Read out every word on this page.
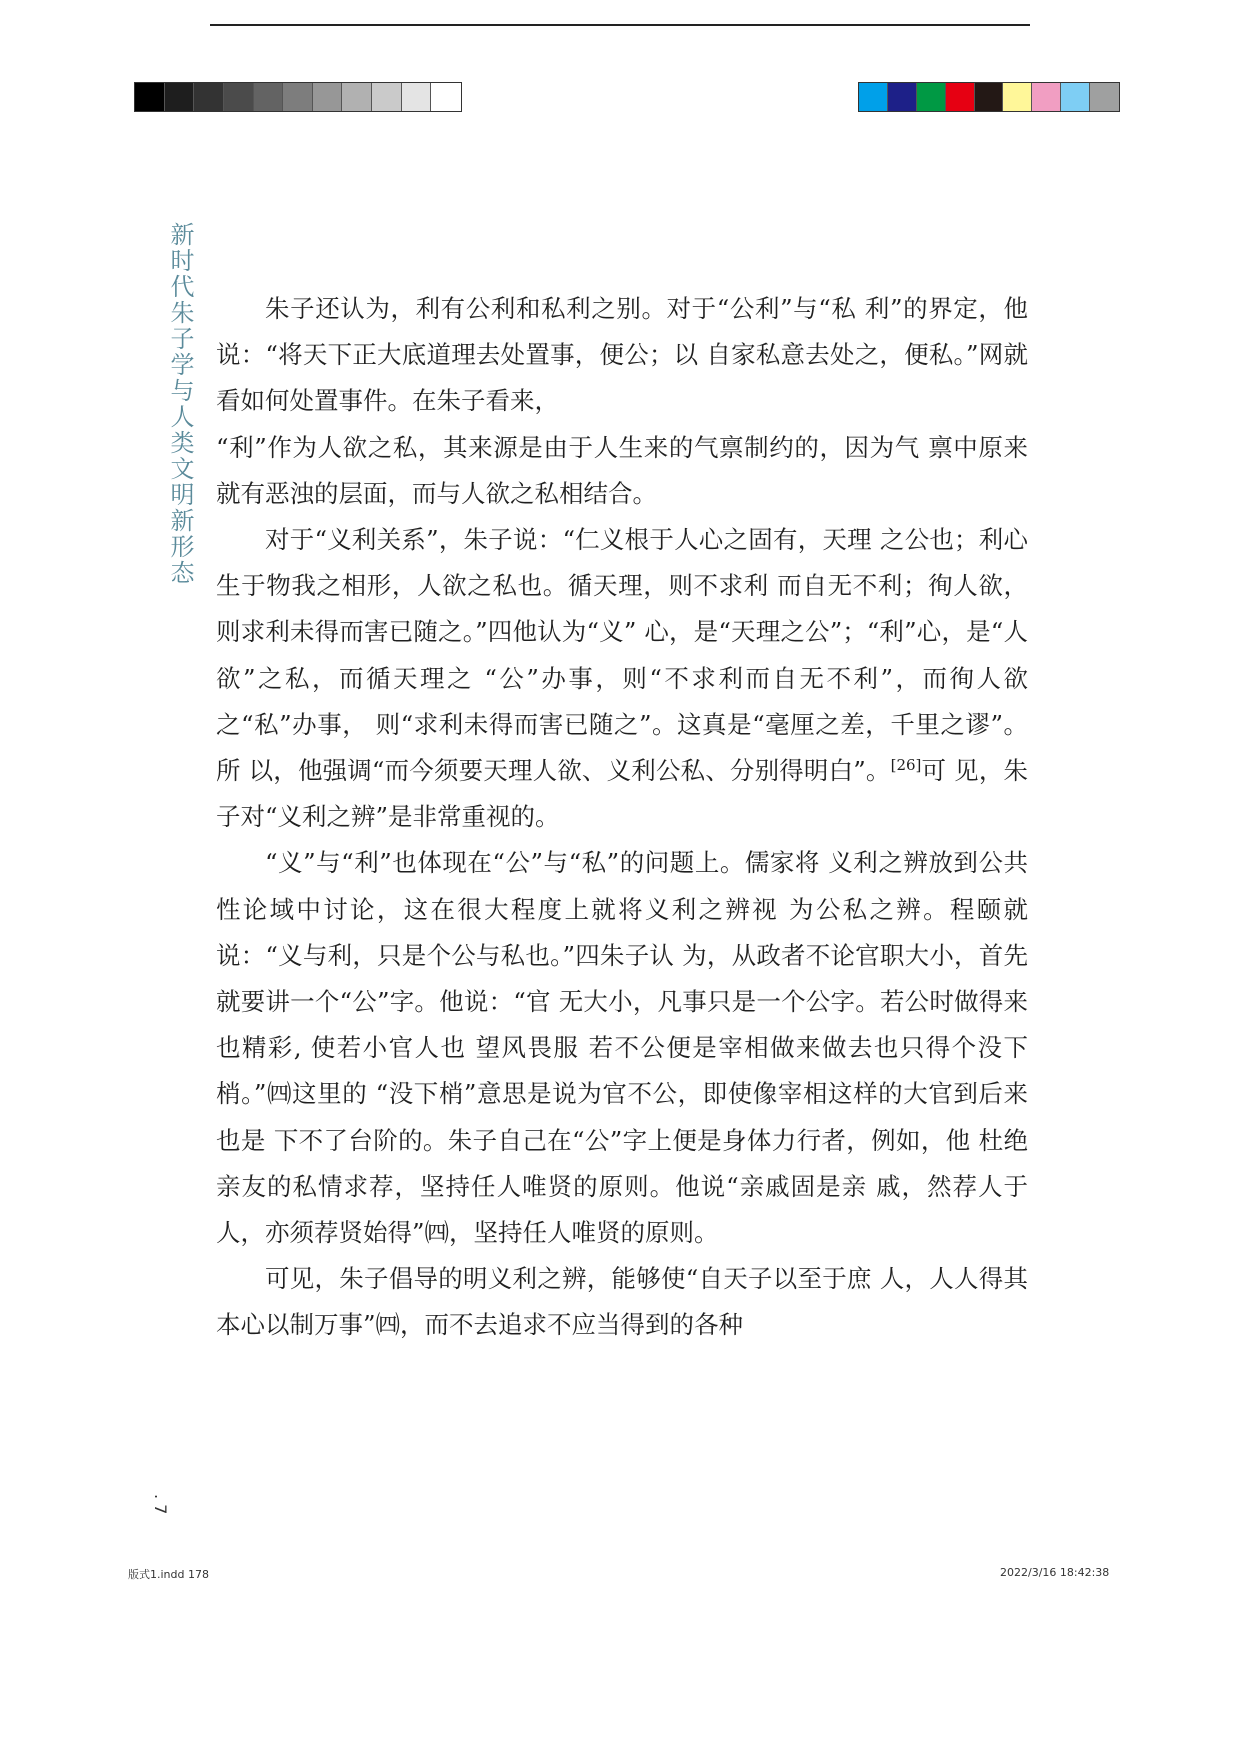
新时代朱子学与人类文明新形态	朱子还认为，利有公利和私利之别。对于“公利”与“私 利”的界定，他说：“将天下正大底道理去处置事，便公；以 自家私意去处之，便私。”网就看如何处置事件。在朱子看来，

“利”作为人欲之私，其来源是由于人生来的气禀制约的，因为气 禀中原来就有恶浊的层面，而与人欲之私相结合。

对于“义利关系”，朱子说：“仁义根于人心之固有，天理 之公也；利心生于物我之相形，人欲之私也。循天理，则不求利 而自无不利；徇人欲，则求利未得而害已随之。”四他认为“义” 心，是“天理之公”；“利”心，是“人欲”之私，而循天理之 “公”办事，则“不求利而自无不利”，而徇人欲之“私”办事， 则“求利未得而害已随之”。这真是“毫厘之差，千里之谬”。所 以，他强调“而今须要天理人欲、义利公私、分别得明白”。[26]可 见，朱子对“义利之辨”是非常重视的。

“义”与“利”也体现在“公”与“私”的问题上。儒家将 义利之辨放到公共性论域中讨论，这在很大程度上就将义利之辨视 为公私之辨。程颐就说：“义与利，只是个公与私也。”四朱子认 为，从政者不论官职大小，首先就要讲一个“公”字。他说：“官 无大小，凡事只是一个公字。若公时做得来也精彩, 使若小官人也 望风畏服 若不公便是宰相做来做去也只得个没下梢。”㈣这里的 “没下梢”意思是说为官不公，即使像宰相这样的大官到后来也是 下不了台阶的。朱子自己在“公”字上便是身体力行者，例如，他 杜绝亲友的私情求荐，坚持任人唯贤的原则。他说“亲戚固是亲 戚，然荐人于人，亦须荐贤始得”㈣，坚持任人唯贤的原则。

可见，朱子倡导的明义利之辨，能够使“自天子以至于庶 人，人人得其本心以制万事”㈣，而不去追求不应当得到的各种

. 7
版式1.indd 178	2022/3/16 18:42:38
